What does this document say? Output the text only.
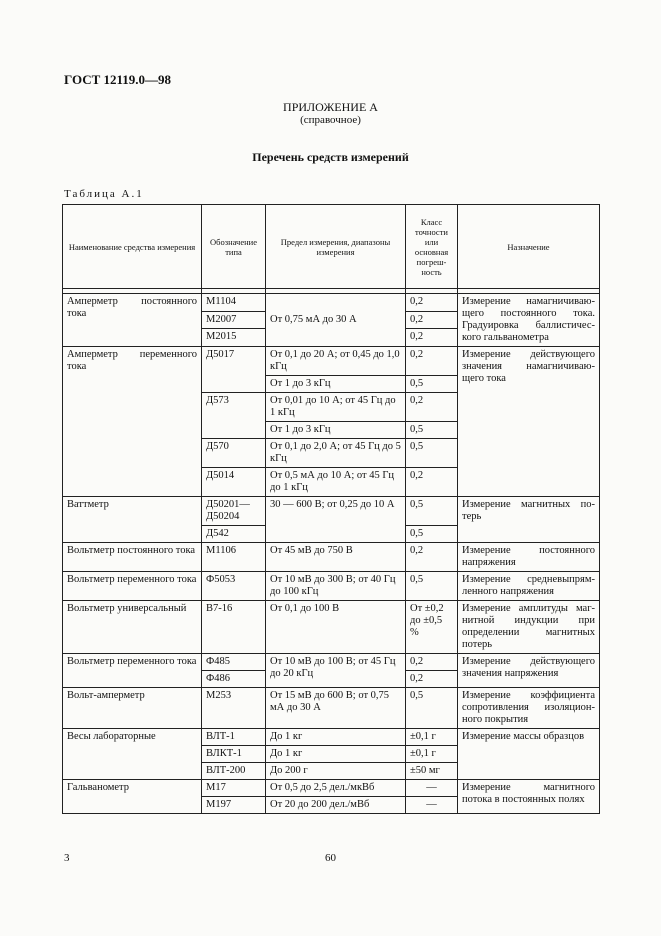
ГОСТ 12119.0—98
ПРИЛОЖЕНИЕ А
(справочное)
Перечень средств измерений
Таблица А.1
Наименование средства измерения	Обозначение типа	Предел измерения, диапазоны измерения	Класс точности или основная погреш-ность	Назначение

Амперметр постоянного тока	М1104	От 0,75 мА до 30 А	0,2	Измерение намагничиваю-щего постоянного тока. Градуировка баллистичес-кого гальванометра
	М2007		0,2	
	М2015		0,2	
Амперметр переменного тока	Д5017	От 0,1 до 20 А; от 0,45 до 1,0 кГц	0,2	Измерение действующего значения намагничиваю-щего тока
		От 1 до 3 кГц	0,5	
	Д573	От 0,01 до 10 А; от 45 Гц до 1 кГц	0,2	
		От 1 до 3 кГц	0,5	
	Д570	От 0,1 до 2,0 А; от 45 Гц до 5 кГц	0,5	
	Д5014	От 0,5 мА до 10 А; от 45 Гц до 1 кГц	0,2	
Ваттметр	Д50201— Д50204	30 — 600 В; от 0,25 до 10 А	0,5	Измерение магнитных по-терь
	Д542		0,5	
Вольтметр постоянного тока	М1106	От 45 мВ до 750 В	0,2	Измерение постоянного напряжения
Вольтметр переменного тока	Ф5053	От 10 мВ до 300 В; от 40 Гц до 100 кГц	0,5	Измерение средневыпрям-ленного напряжения
Вольтметр универсальный	В7-16	От 0,1 до 100 В	От ±0,2 до ±0,5 %	Измерение амплитуды маг-нитной индукции при определении магнитных потерь
Вольтметр переменного тока	Ф485	От 10 мВ до 100 В; от 45 Гц до 20 кГц	0,2	Измерение действующего значения напряжения
	Ф486		0,2	
Вольт-амперметр	М253	От 15 мВ до 600 В; от 0,75 мА до 30 А	0,5	Измерение коэффициента сопротивления изоляцион-ного покрытия
Весы лабораторные	ВЛТ-1	До 1 кг	±0,1 г	Измерение массы образцов
	ВЛКТ-1	До 1 кг	±0,1 г	
	ВЛТ-200	До 200 г	±50 мг	
Гальванометр	М17	От 0,5 до 2,5 дел./мкВб	—	Измерение магнитного потока в постоянных полях
	М197	От 20 до 200 дел./мВб	—	
3	60
